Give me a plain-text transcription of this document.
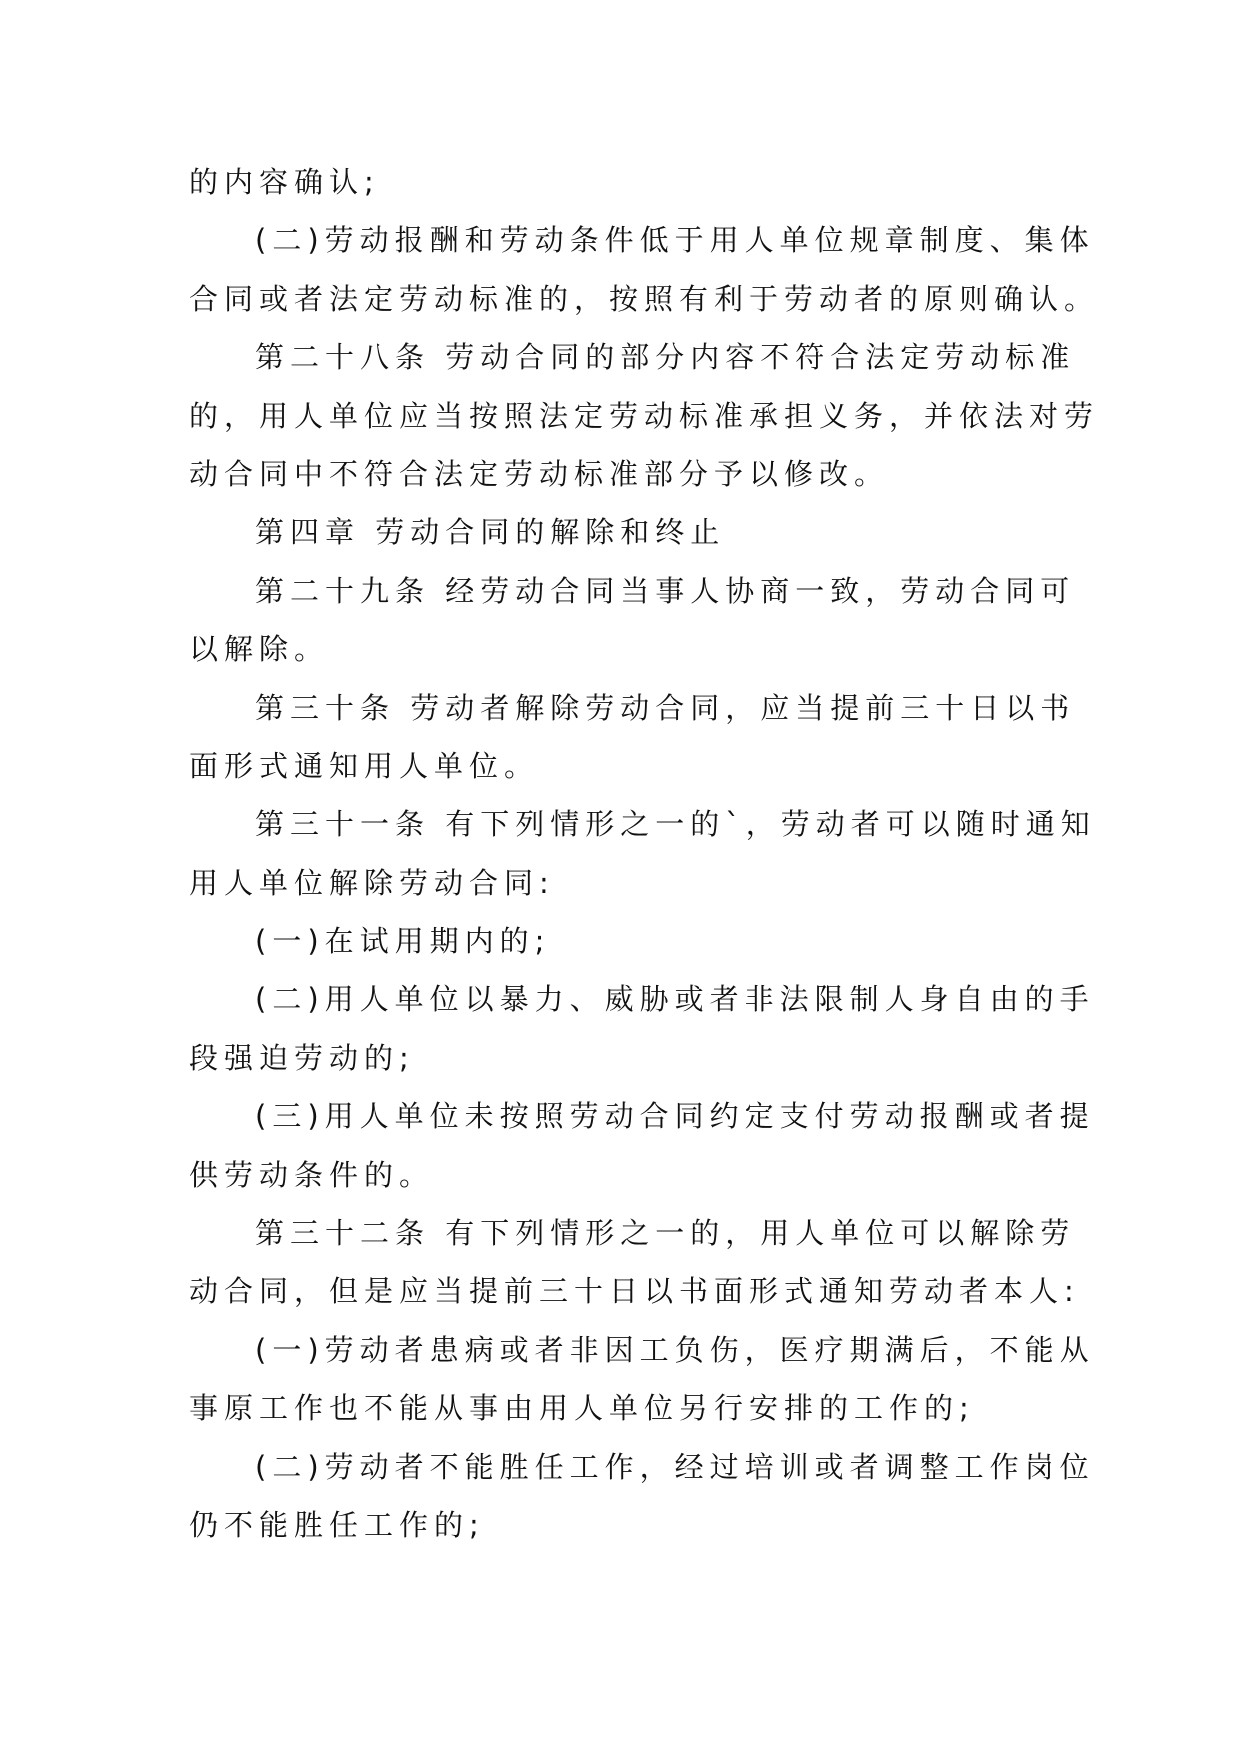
的内容确认;
(二)劳动报酬和劳动条件低于用人单位规章制度、集体
合同或者法定劳动标准的，按照有利于劳动者的原则确认。
第二十八条 劳动合同的部分内容不符合法定劳动标准
的，用人单位应当按照法定劳动标准承担义务，并依法对劳
动合同中不符合法定劳动标准部分予以修改。
第四章 劳动合同的解除和终止
第二十九条 经劳动合同当事人协商一致，劳动合同可
以解除。
第三十条 劳动者解除劳动合同，应当提前三十日以书
面形式通知用人单位。
第三十一条 有下列情形之一的`，劳动者可以随时通知
用人单位解除劳动合同:
(一)在试用期内的;
(二)用人单位以暴力、威胁或者非法限制人身自由的手
段强迫劳动的;
(三)用人单位未按照劳动合同约定支付劳动报酬或者提
供劳动条件的。
第三十二条 有下列情形之一的，用人单位可以解除劳
动合同，但是应当提前三十日以书面形式通知劳动者本人:
(一)劳动者患病或者非因工负伤，医疗期满后，不能从
事原工作也不能从事由用人单位另行安排的工作的;
(二)劳动者不能胜任工作，经过培训或者调整工作岗位
仍不能胜任工作的;
